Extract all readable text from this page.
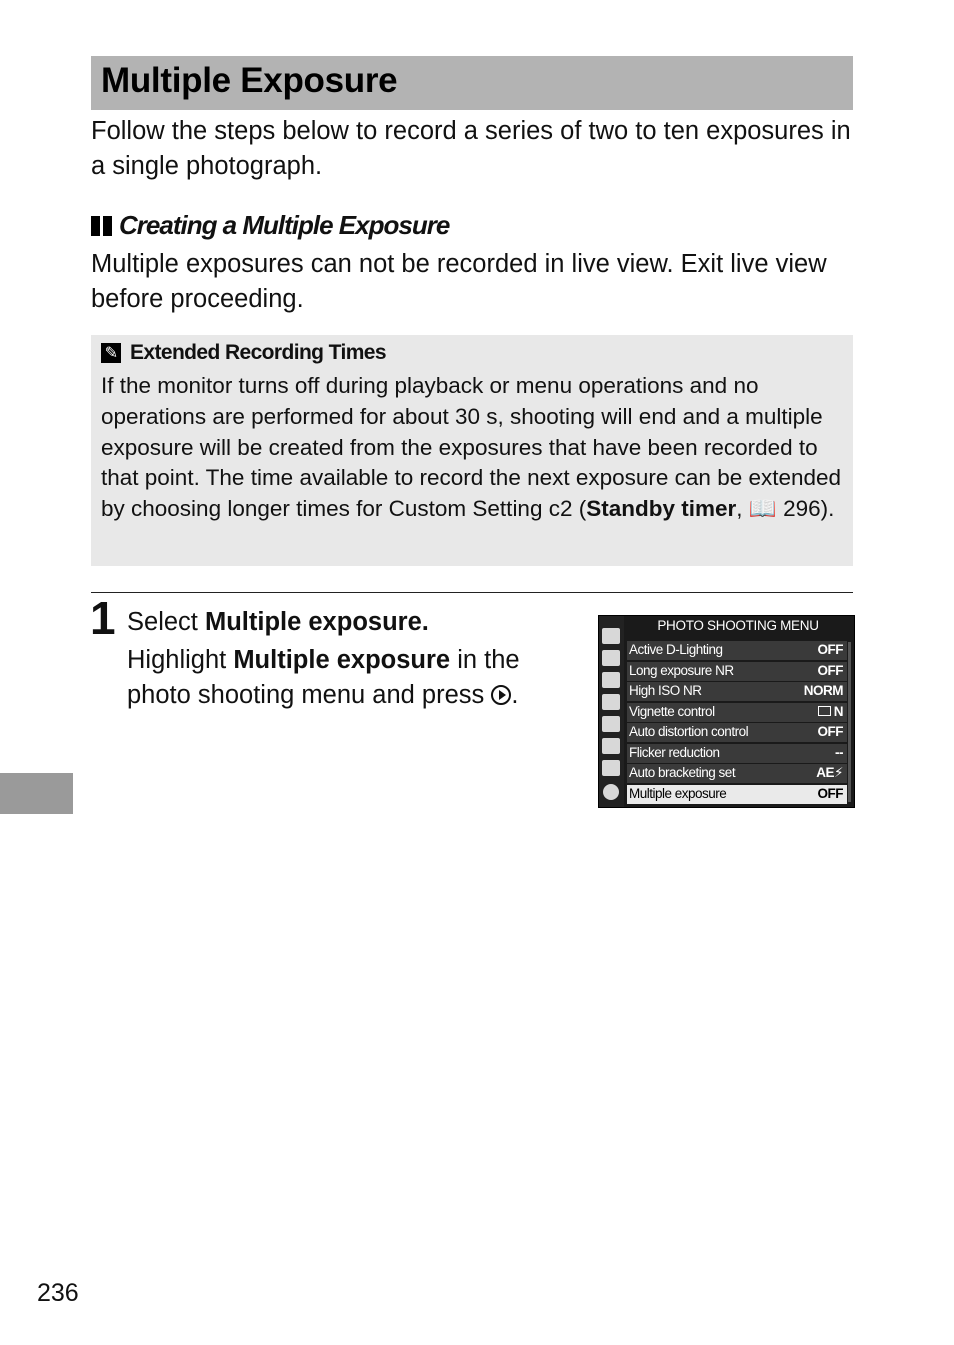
Multiple Exposure

Follow the steps below to record a series of two to ten exposures in a single photograph.

Creating a Multiple Exposure

Multiple exposures can not be recorded in live view. Exit live view before proceeding.

✎ Extended Recording Times

If the monitor turns off during playback or menu operations and no operations are performed for about 30 s, shooting will end and a multiple exposure will be created from the exposures that have been recorded to that point. The time available to record the next exposure can be extended by choosing longer times for Custom Setting c2 (Standby timer, 📖 296).

1 Select Multiple exposure.

Highlight Multiple exposure in the photo shooting menu and press .

PHOTO SHOOTING MENU
Active D-Lighting	OFF
Long exposure NR	OFF
High ISO NR	NORM
Vignette control	N
Auto distortion control	OFF
Flicker reduction	--
Auto bracketing set	AE⚡
Multiple exposure	OFF

236
